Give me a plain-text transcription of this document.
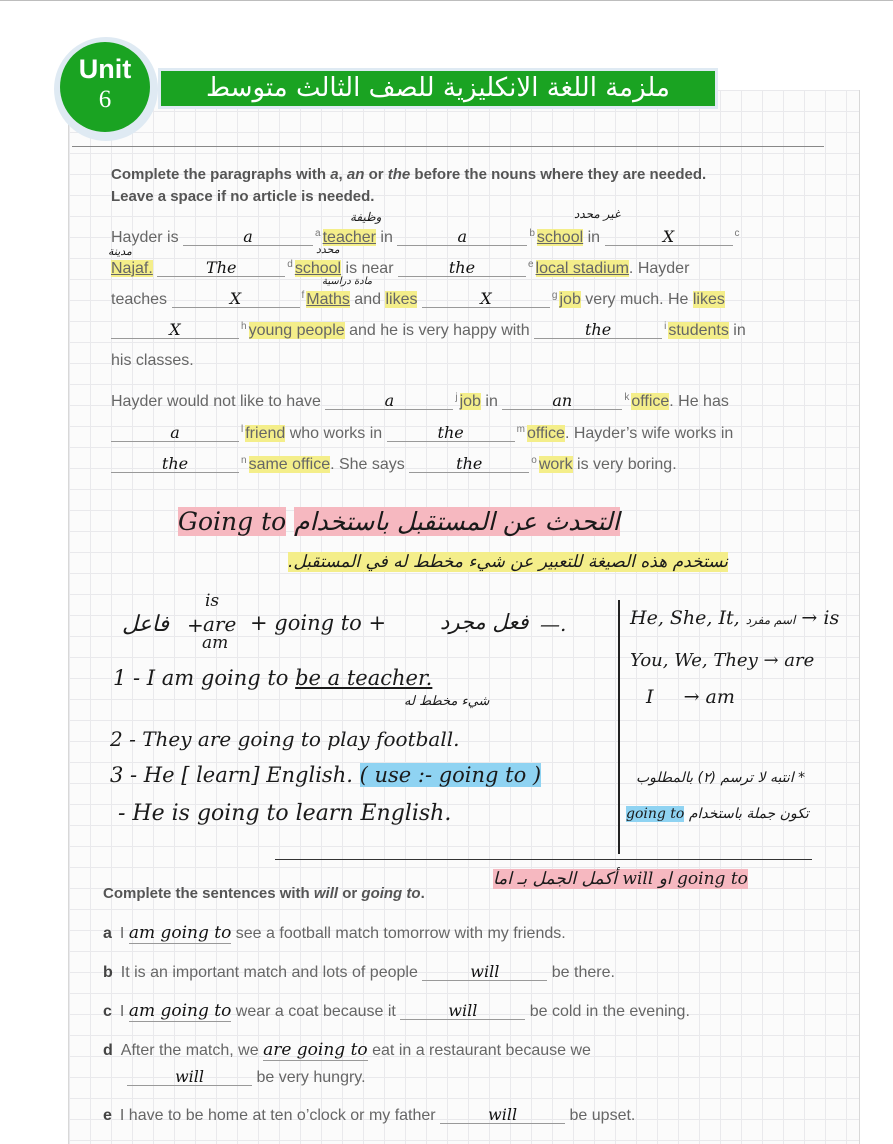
Unit
6	ملزمة اللغة الانكليزية للصف الثالث متوسط
Complete the paragraphs with a, an or the before the nouns where they are needed.
Leave a space if no article is needed.
Hayder is	a	$^a$ teacher in	a	$^b$ school in	X	$^c$
وظيفة	غير محدد
Najaf.	The	$^d$ school is near	the	$^e$ local stadium. Hayder
مدينة	محدد
teaches	X	$^f$ Maths and likes	X	$^g$ job very much. He likes
مادة دراسية
X	$^h$ young people and he is very happy with	the	$^i$ students in
his classes.
Hayder would not like to have	a	$^j$ job in	an	$^k$ office. He has
a	$^l$ friend who works in	the	$^m$ office. Hayder’s wife works in
the	$^n$ same office. She says	the	$^o$ work is very boring.
Going to التحدث عن المستقبل باستخدام
نستخدم هذه الصيغة للتعبير عن شيء مخطط له في المستقبل.
فاعل +
is
are
am
+ going to +	فعل مجرد —.
1 - I am going to be a teacher.
شيء مخطط له
2 - They are going to play football.
3 - He [ learn] English. ( use :- going to )
- He is going to learn English.
He, She, It, اسم مفرد → is
You, We, They → are
I → am
* انتبه لا ترسم (٢) بالمطلوب
going to تكون جملة باستخدام
Complete the sentences with will or going to.
أكمل الجمل بـ اما will او going to
a I am going to see a football match tomorrow with my friends.
b It is an important match and lots of people	will	be there.
c I am going to wear a coat because it	will	be cold in the evening.
d After the match, we are going to eat in a restaurant because we
will	be very hungry.
e I have to be home at ten o’clock or my father	will	be upset.
